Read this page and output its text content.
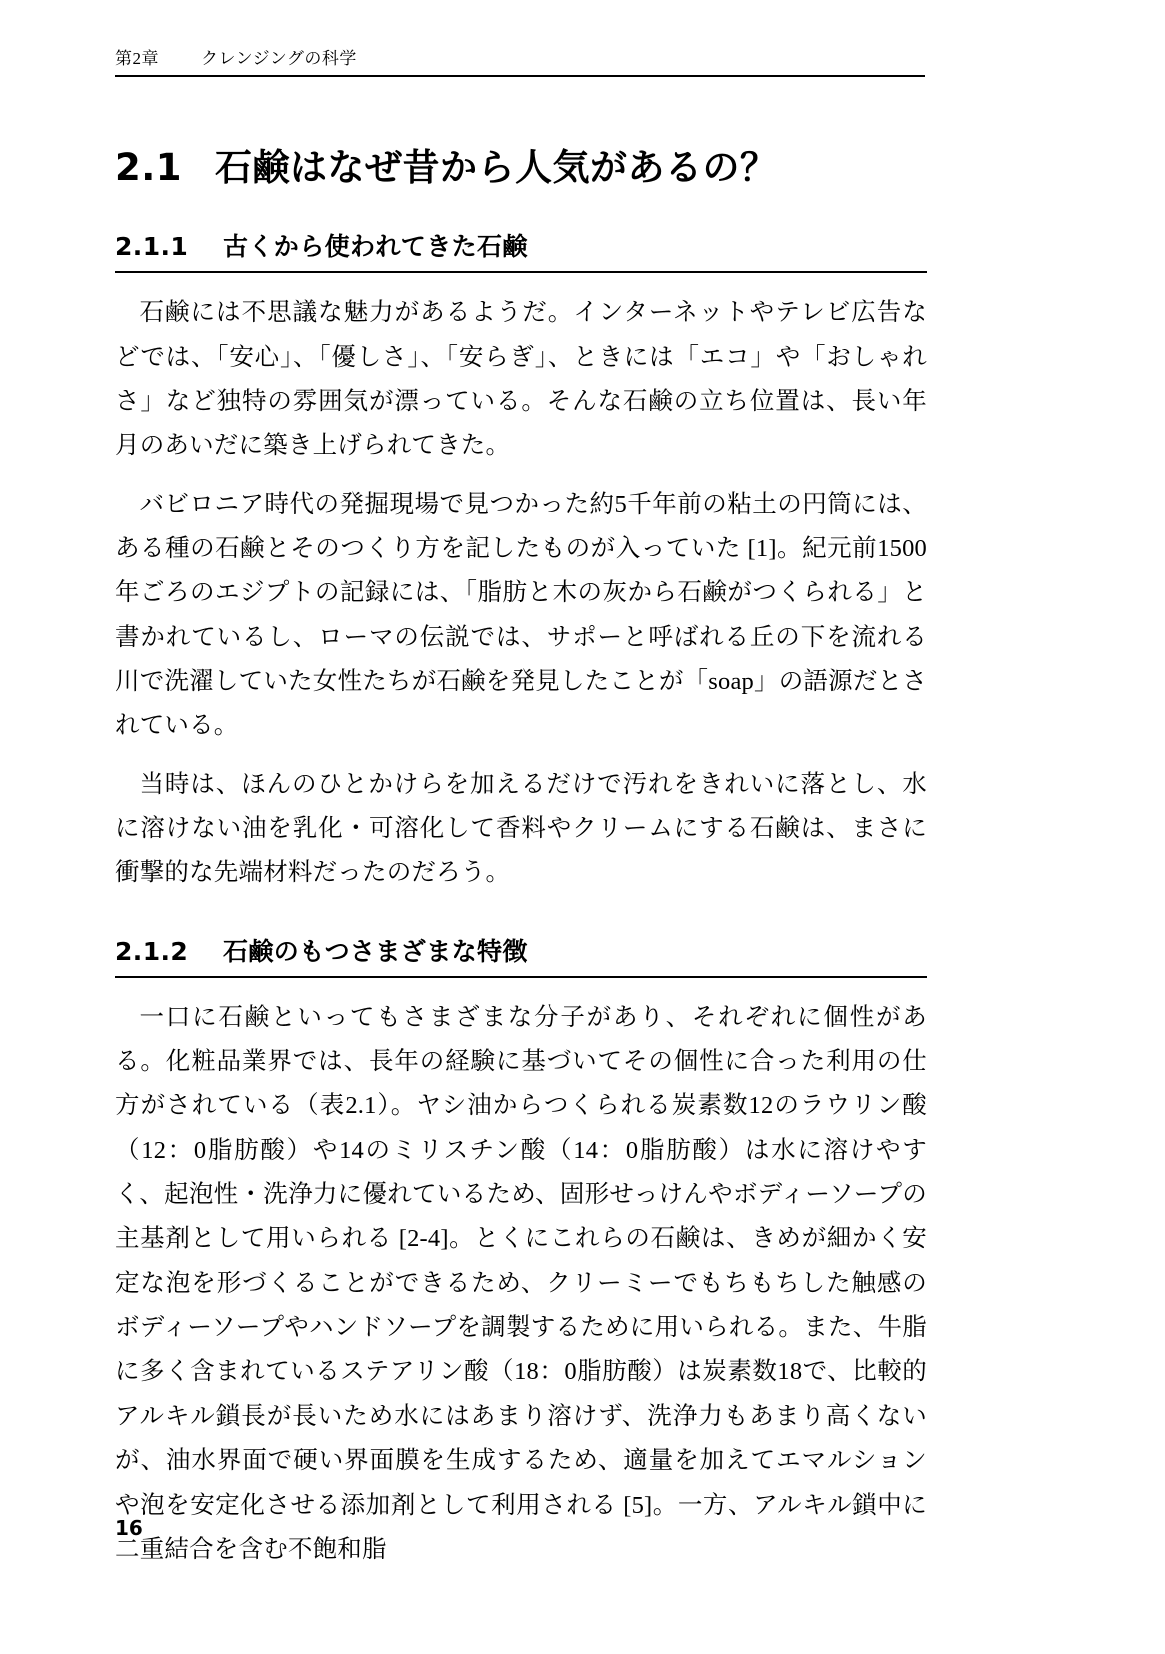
第2章 クレンジングの科学
2.1 石鹸はなぜ昔から人気があるの？
2.1.1 古くから使われてきた石鹸

石鹸には不思議な魅力があるようだ。インターネットやテレビ広告などでは、「安心」、「優しさ」、「安らぎ」、ときには「エコ」や「おしゃれさ」など独特の雰囲気が漂っている。そんな石鹸の立ち位置は、長い年月のあいだに築き上げられてきた。

バビロニア時代の発掘現場で見つかった約5千年前の粘土の円筒には、ある種の石鹸とそのつくり方を記したものが入っていた [1]。紀元前1500年ごろのエジプトの記録には、「脂肪と木の灰から石鹸がつくられる」と書かれているし、ローマの伝説では、サポーと呼ばれる丘の下を流れる川で洗濯していた女性たちが石鹸を発見したことが「soap」の語源だとされている。

当時は、ほんのひとかけらを加えるだけで汚れをきれいに落とし、水に溶けない油を乳化・可溶化して香料やクリームにする石鹸は、まさに衝撃的な先端材料だったのだろう。

2.1.2 石鹸のもつさまざまな特徴

一口に石鹸といってもさまざまな分子があり、それぞれに個性がある。化粧品業界では、長年の経験に基づいてその個性に合った利用の仕方がされている（表2.1）。ヤシ油からつくられる炭素数12のラウリン酸（12：0脂肪酸）や14のミリスチン酸（14：0脂肪酸）は水に溶けやすく、起泡性・洗浄力に優れているため、固形せっけんやボディーソープの主基剤として用いられる [2-4]。とくにこれらの石鹸は、きめが細かく安定な泡を形づくることができるため、クリーミーでもちもちした触感のボディーソープやハンドソープを調製するために用いられる。また、牛脂に多く含まれているステアリン酸（18：0脂肪酸）は炭素数18で、比較的アルキル鎖長が長いため水にはあまり溶けず、洗浄力もあまり高くないが、油水界面で硬い界面膜を生成するため、適量を加えてエマルションや泡を安定化させる添加剤として利用される [5]。一方、アルキル鎖中に二重結合を含む不飽和脂

16
